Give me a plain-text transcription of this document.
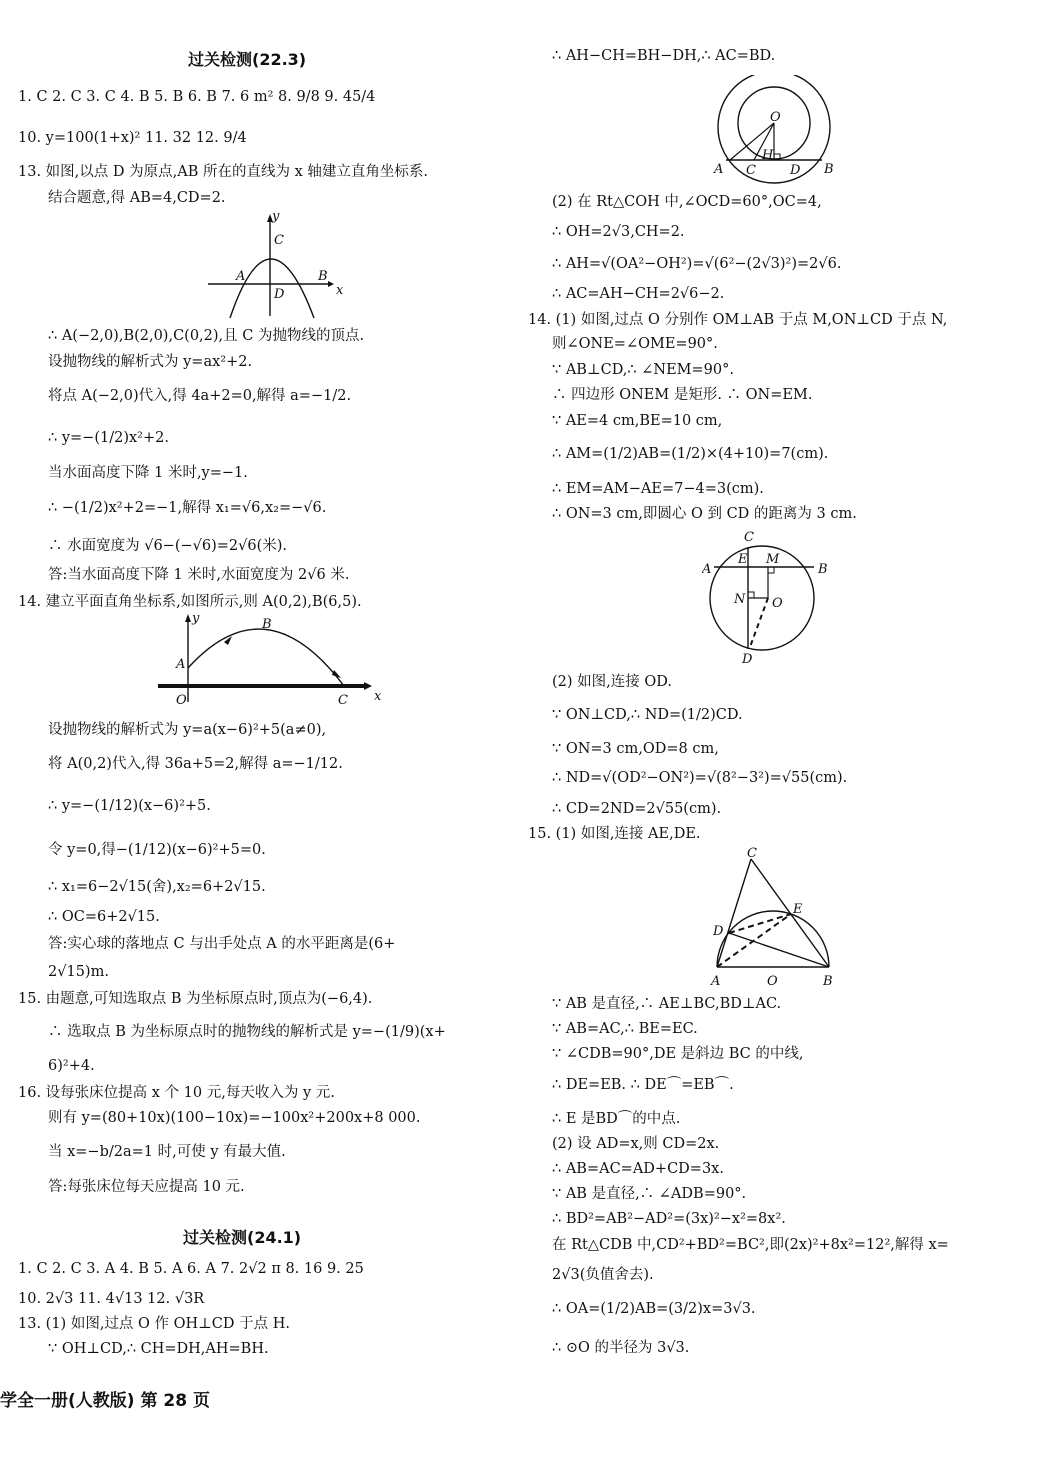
过关检测(22.3)
1. C 2. C 3. C 4. B 5. B 6. B 7. 6 m² 8. 9/8 9. 45/4
10. y=100(1+x)² 11. 32 12. 9/4
13. 如图,以点 D 为原点,AB 所在的直线为 x 轴建立直角坐标系.
结合题意,得 AB=4,CD=2.
y
C
A	B
D	x
∴ A(−2,0),B(2,0),C(0,2),且 C 为抛物线的顶点.
设抛物线的解析式为 y=ax²+2.
将点 A(−2,0)代入,得 4a+2=0,解得 a=−1/2.
∴ y=−(1/2)x²+2.
当水面高度下降 1 米时,y=−1.
∴ −(1/2)x²+2=−1,解得 x₁=√6,x₂=−√6.
∴ 水面宽度为 √6−(−√6)=2√6(米).
答:当水面高度下降 1 米时,水面宽度为 2√6 米.
14. 建立平面直角坐标系,如图所示,则 A(0,2),B(6,5).
y	B
A
O	C x
设抛物线的解析式为 y=a(x−6)²+5(a≠0),
将 A(0,2)代入,得 36a+5=2,解得 a=−1/12.
∴ y=−(1/12)(x−6)²+5.
令 y=0,得−(1/12)(x−6)²+5=0.
∴ x₁=6−2√15(舍),x₂=6+2√15.
∴ OC=6+2√15.
答:实心球的落地点 C 与出手处点 A 的水平距离是(6+
2√15)m.
15. 由题意,可知选取点 B 为坐标原点时,顶点为(−6,4).
∴ 选取点 B 为坐标原点时的抛物线的解析式是 y=−(1/9)(x+
6)²+4.
16. 设每张床位提高 x 个 10 元,每天收入为 y 元.
则有 y=(80+10x)(100−10x)=−100x²+200x+8 000.
当 x=−b/2a=1 时,可使 y 有最大值.
答:每张床位每天应提高 10 元.
过关检测(24.1)
1. C 2. C 3. A 4. B 5. A 6. A 7. 2√2 π 8. 16 9. 25
10. 2√3 11. 4√13 12. √3R
13. (1) 如图,过点 O 作 OH⊥CD 于点 H.
∵ OH⊥CD,∴ CH=DH,AH=BH.
∴ AH−CH=BH−DH,∴ AC=BD.
O
A C
H
D B
(2) 在 Rt△COH 中,∠OCD=60°,OC=4,
∴ OH=2√3,CH=2.
∴ AH=√(OA²−OH²)=√(6²−(2√3)²)=2√6.
∴ AC=AH−CH=2√6−2.
14. (1) 如图,过点 O 分别作 OM⊥AB 于点 M,ON⊥CD 于点 N,
则∠ONE=∠OME=90°.
∵ AB⊥CD,∴ ∠NEM=90°.
∴ 四边形 ONEM 是矩形. ∴ ON=EM.
∵ AE=4 cm,BE=10 cm,
∴ AM=(1/2)AB=(1/2)×(4+10)=7(cm).
∴ EM=AM−AE=7−4=3(cm).
∴ ON=3 cm,即圆心 O 到 CD 的距离为 3 cm.
C
A
E M
B
N O
D
(2) 如图,连接 OD.
∵ ON⊥CD,∴ ND=(1/2)CD.
∵ ON=3 cm,OD=8 cm,
∴ ND=√(OD²−ON²)=√(8²−3²)=√55(cm).
∴ CD=2ND=2√55(cm).
15. (1) 如图,连接 AE,DE.
C
E
D
A	O	B
∵ AB 是直径,∴ AE⊥BC,BD⊥AC.
∵ AB=AC,∴ BE=EC.
∵ ∠CDB=90°,DE 是斜边 BC 的中线,
∴ DE=EB. ∴ DE⌒=EB⌒.
∴ E 是BD⌒的中点.
(2) 设 AD=x,则 CD=2x.
∴ AB=AC=AD+CD=3x.
∵ AB 是直径,∴ ∠ADB=90°.
∴ BD²=AB²−AD²=(3x)²−x²=8x².
在 Rt△CDB 中,CD²+BD²=BC²,即(2x)²+8x²=12²,解得 x=
2√3(负值舍去).
∴ OA=(1/2)AB=(3/2)x=3√3.
∴ ⊙O 的半径为 3√3.
学全一册(人教版) 第 28 页
